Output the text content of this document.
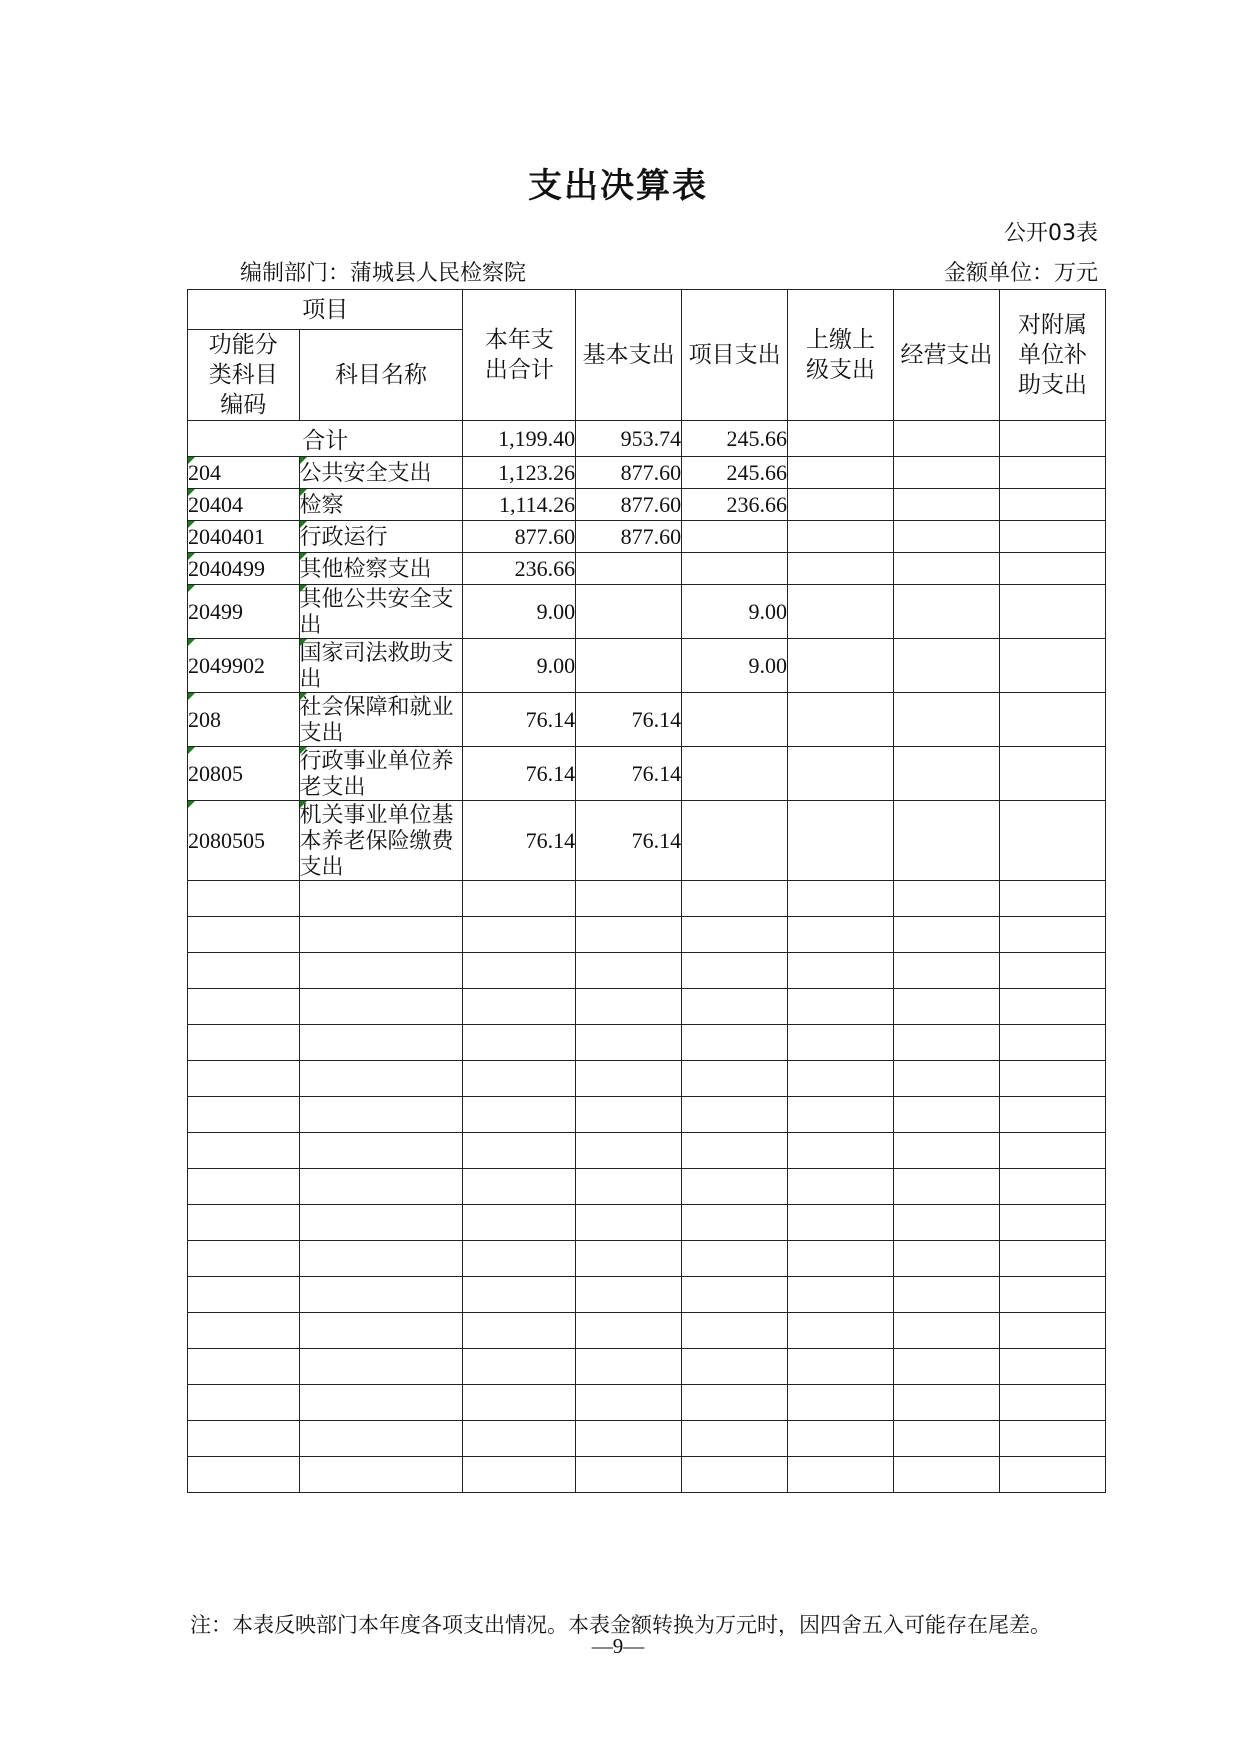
支出决算表
公开03表
编制部门：蒲城县人民检察院	金额单位：万元
项目		本年支出合计	基本支出	项目支出	上缴上级支出	经营支出	对附属单位补助支出

功能分类科目编码	科目名称						
合计		1,199.40	953.74	245.66			
204	公共安全支出	1,123.26	877.60	245.66			
20404	检察	1,114.26	877.60	236.66			
2040401	行政运行	877.60	877.60				
2040499	其他检察支出	236.66					
20499	其他公共安全支出	9.00		9.00			
2049902	国家司法救助支出	9.00		9.00			
208	社会保障和就业支出	76.14	76.14				
20805	行政事业单位养老支出	76.14	76.14				
2080505	机关事业单位基本养老保险缴费支出	76.14	76.14				

注：本表反映部门本年度各项支出情况。本表金额转换为万元时，因四舍五入可能存在尾差。
—9—
